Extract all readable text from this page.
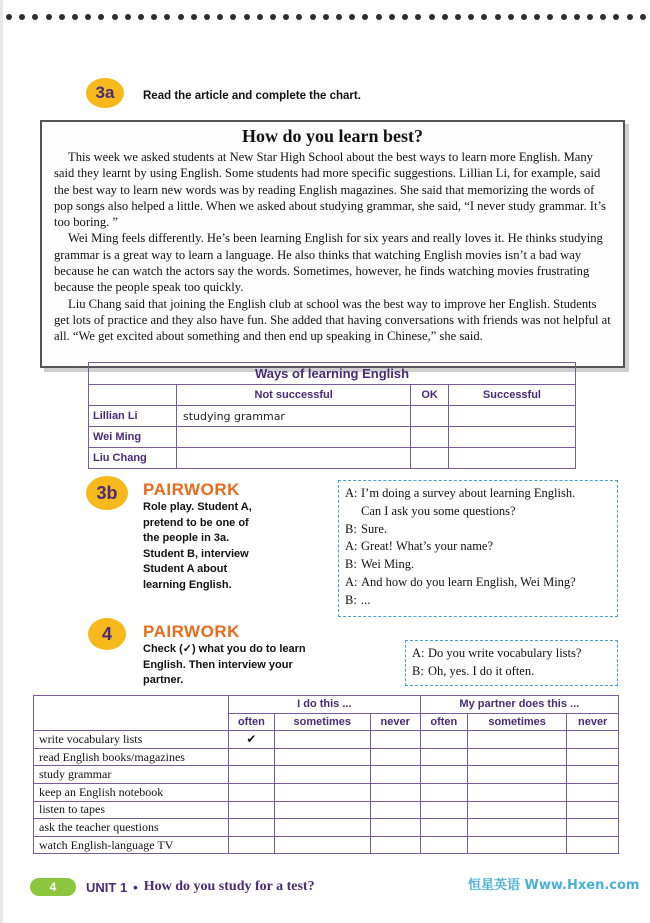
3a	Read the article and complete the chart.
How do you learn best?

This week we asked students at New Star High School about the best ways to learn more English. Many said they learnt by using English. Some students had more specific suggestions. Lillian Li, for example, said the best way to learn new words was by reading English magazines. She said that memorizing the words of pop songs also helped a little. When we asked about studying grammar, she said, “I never study grammar. It’s too boring. ”

Wei Ming feels differently. He’s been learning English for six years and really loves it. He thinks studying grammar is a great way to learn a language. He also thinks that watching English movies isn’t a bad way because he can watch the actors say the words. Sometimes, however, he finds watching movies frustrating because the people speak too quickly.

Liu Chang said that joining the English club at school was the best way to improve her English. Students get lots of practice and they also have fun. She added that having conversations with friends was not helpful at all. “We get excited about something and then end up speaking in Chinese,” she said.

Ways of learning English			
	Not successful	OK	Successful
Lillian Li	studying grammar		
Wei Ming			
Liu Chang			
3b	PAIRWORK
Role play. Student A,
pretend to be one of
the people in 3a.
Student B, interview
Student A about
learning English.
A: I’m doing a survey about learning English.
Can I ask you some questions?
B: Sure.
A: Great! What’s your name?
B: Wei Ming.
A: And how do you learn English, Wei Ming?
B: ...
4	PAIRWORK
Check (✓) what you do to learn
English. Then interview your
partner.
A: Do you write vocabulary lists?
B: Oh, yes. I do it often.
	I do this ...			My partner does this ...		
	often	sometimes	never	often	sometimes	never
write vocabulary lists	✔					
read English books/magazines						
study grammar						
keep an English notebook						
listen to tapes						
ask the teacher questions						
watch English-language TV						
4	UNIT 1 • How do you study for a test?	恒星英语 Www.Hxen.com
